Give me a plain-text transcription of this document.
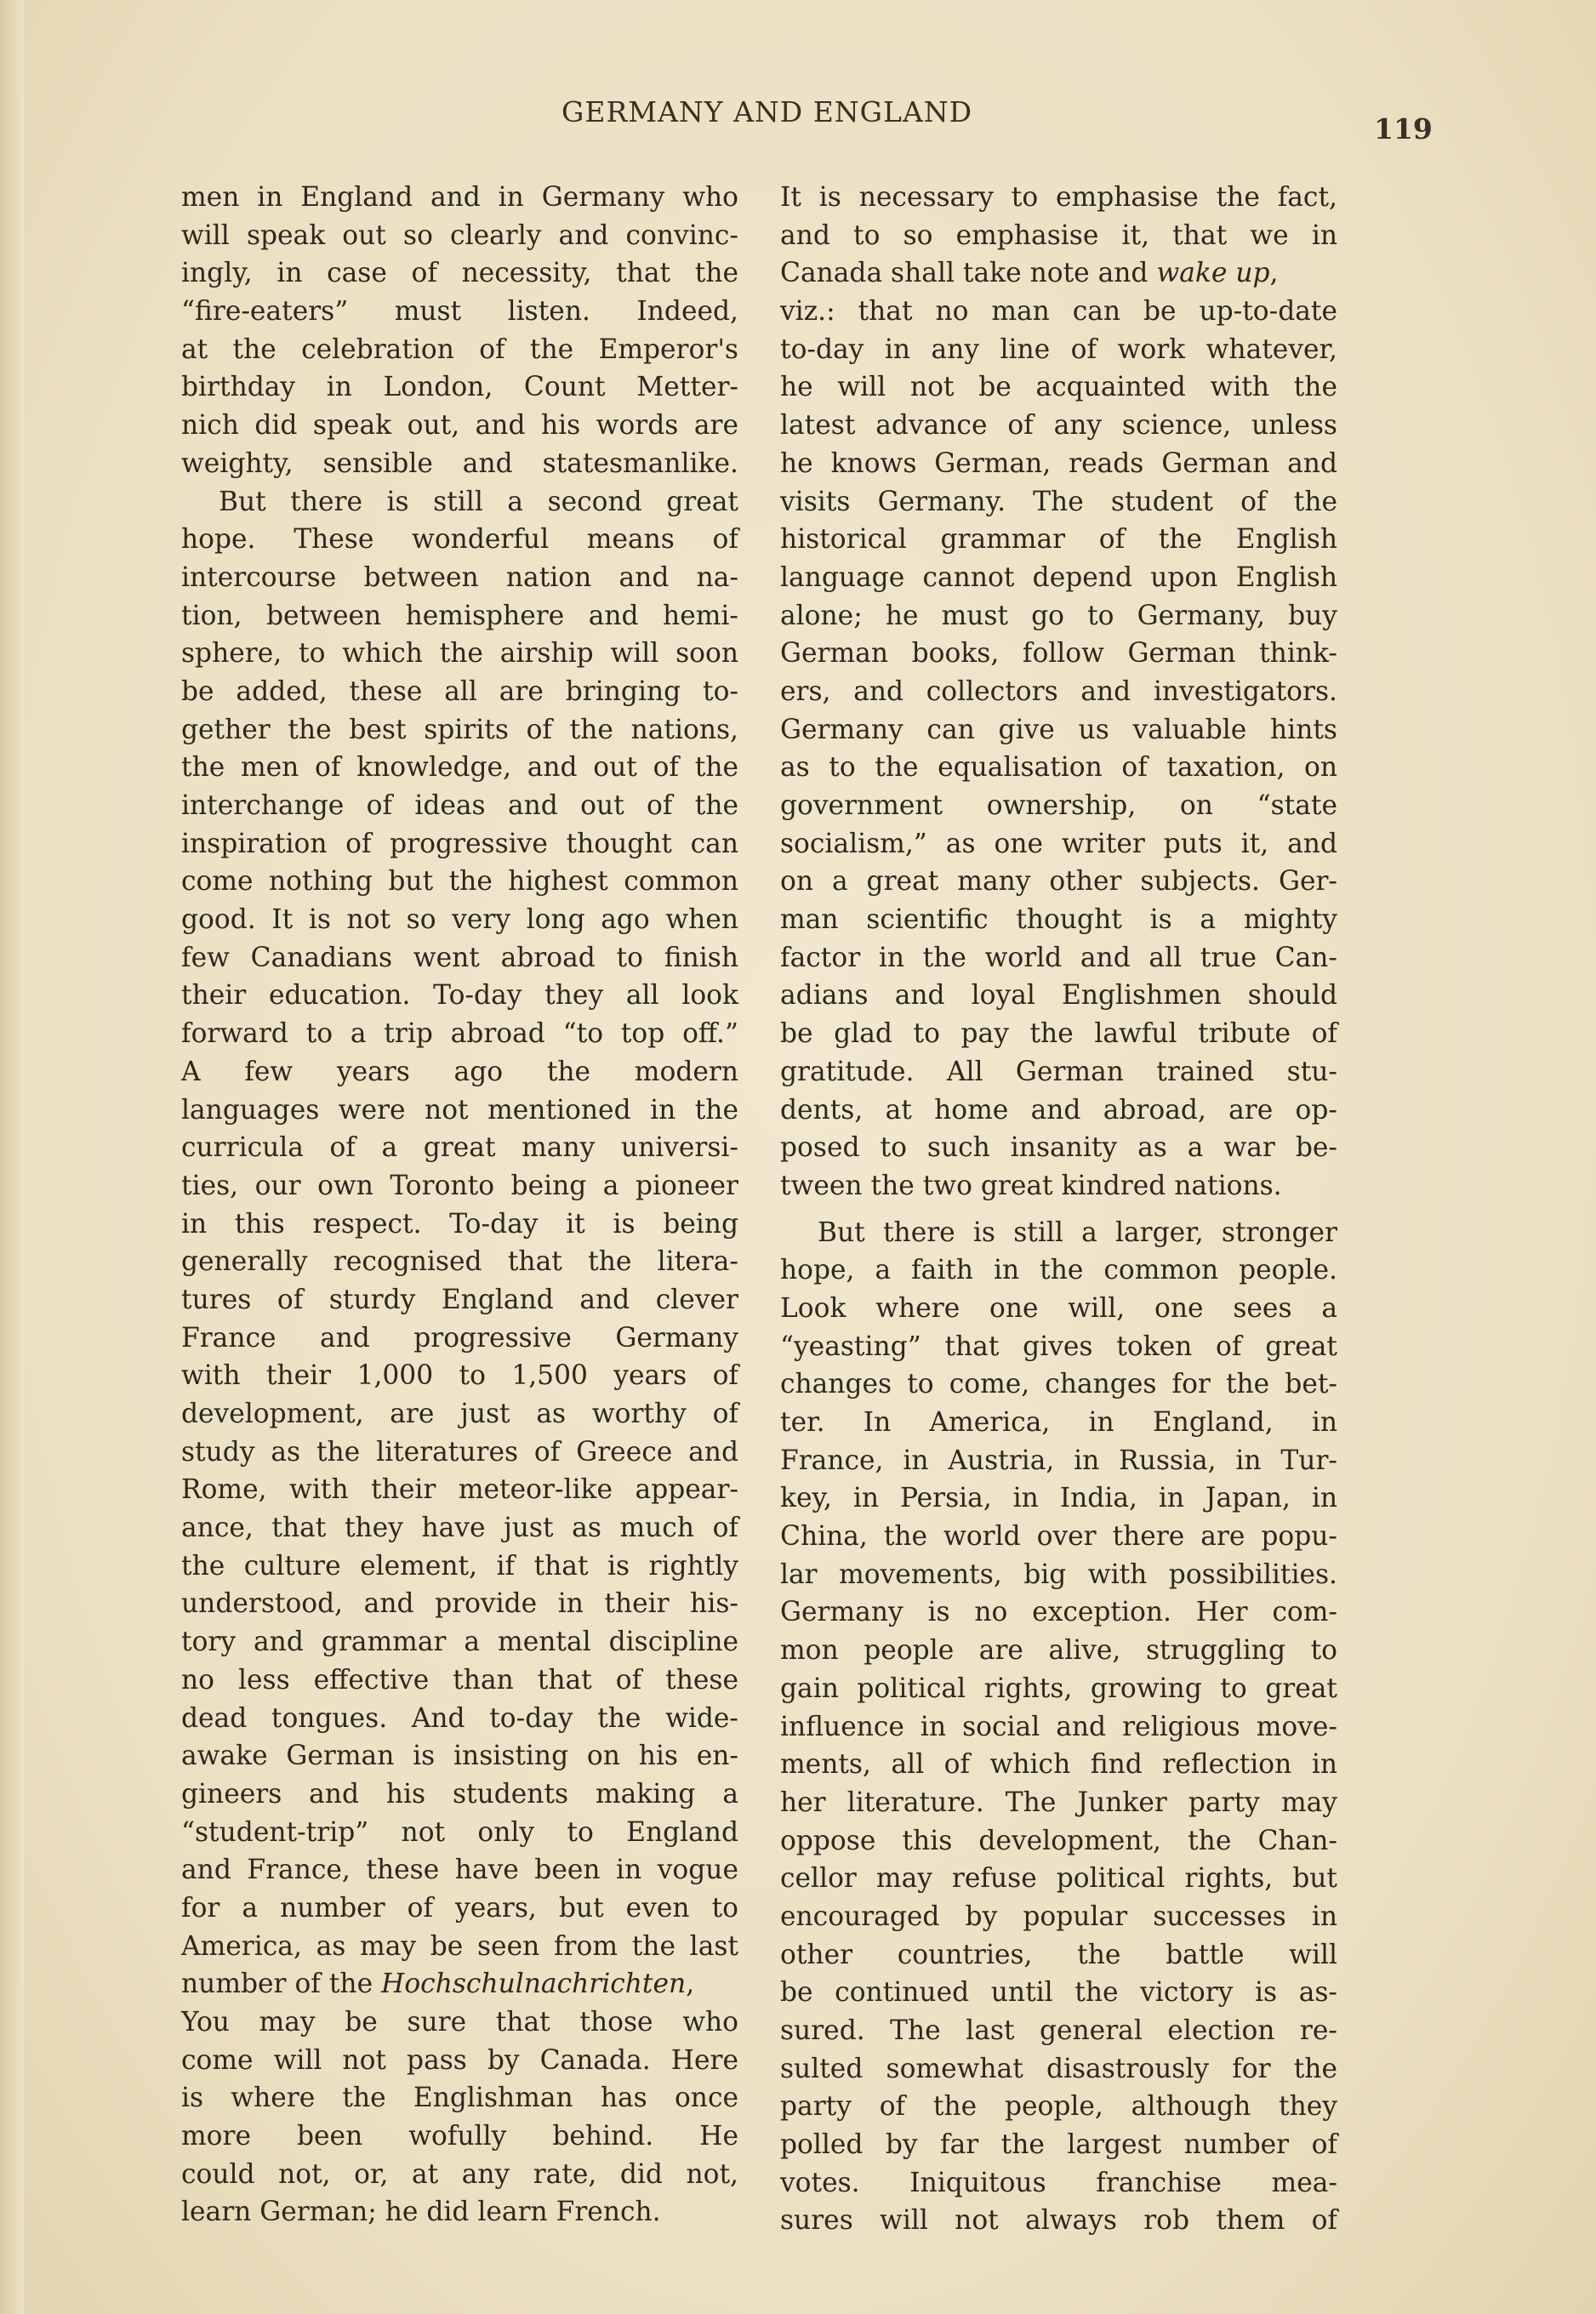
GERMANY AND ENGLAND
119
men in England and in Germany who
will speak out so clearly and convinc-
ingly, in case of necessity, that the
“fire-eaters” must listen. Indeed,
at the celebration of the Emperor's
birthday in London, Count Metter-
nich did speak out, and his words are
weighty, sensible and statesmanlike.
But there is still a second great
hope. These wonderful means of
intercourse between nation and na-
tion, between hemisphere and hemi-
sphere, to which the airship will soon
be added, these all are bringing to-
gether the best spirits of the nations,
the men of knowledge, and out of the
interchange of ideas and out of the
inspiration of progressive thought can
come nothing but the highest common
good. It is not so very long ago when
few Canadians went abroad to finish
their education. To-day they all look
forward to a trip abroad “to top off.”
A few years ago the modern
languages were not mentioned in the
curricula of a great many universi-
ties, our own Toronto being a pioneer
in this respect. To-day it is being
generally recognised that the litera-
tures of sturdy England and clever
France and progressive Germany
with their 1,000 to 1,500 years of
development, are just as worthy of
study as the literatures of Greece and
Rome, with their meteor-like appear-
ance, that they have just as much of
the culture element, if that is rightly
understood, and provide in their his-
tory and grammar a mental discipline
no less effective than that of these
dead tongues. And to-day the wide-
awake German is insisting on his en-
gineers and his students making a
“student-trip” not only to England
and France, these have been in vogue
for a number of years, but even to
America, as may be seen from the last
number of the Hochschulnachrichten,
You may be sure that those who
come will not pass by Canada. Here
is where the Englishman has once
more been wofully behind. He
could not, or, at any rate, did not,
learn German; he did learn French.
It is necessary to emphasise the fact,
and to so emphasise it, that we in
Canada shall take note and wake up,
viz.: that no man can be up-to-date
to-day in any line of work whatever,
he will not be acquainted with the
latest advance of any science, unless
he knows German, reads German and
visits Germany. The student of the
historical grammar of the English
language cannot depend upon English
alone; he must go to Germany, buy
German books, follow German think-
ers, and collectors and investigators.
Germany can give us valuable hints
as to the equalisation of taxation, on
government ownership, on “state
socialism,” as one writer puts it, and
on a great many other subjects. Ger-
man scientific thought is a mighty
factor in the world and all true Can-
adians and loyal Englishmen should
be glad to pay the lawful tribute of
gratitude. All German trained stu-
dents, at home and abroad, are op-
posed to such insanity as a war be-
tween the two great kindred nations.
But there is still a larger, stronger
hope, a faith in the common people.
Look where one will, one sees a
“yeasting” that gives token of great
changes to come, changes for the bet-
ter. In America, in England, in
France, in Austria, in Russia, in Tur-
key, in Persia, in India, in Japan, in
China, the world over there are popu-
lar movements, big with possibilities.
Germany is no exception. Her com-
mon people are alive, struggling to
gain political rights, growing to great
influence in social and religious move-
ments, all of which find reflection in
her literature. The Junker party may
oppose this development, the Chan-
cellor may refuse political rights, but
encouraged by popular successes in
other countries, the battle will
be continued until the victory is as-
sured. The last general election re-
sulted somewhat disastrously for the
party of the people, although they
polled by far the largest number of
votes. Iniquitous franchise mea-
sures will not always rob them of
